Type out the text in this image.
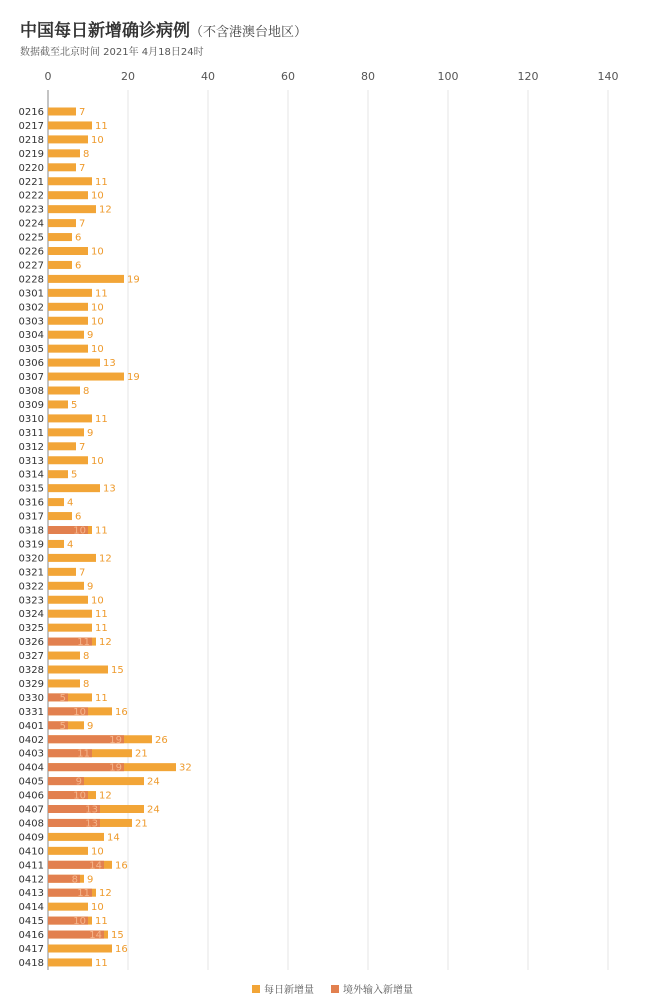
中国每日新增确诊病例（不含港澳台地区）
数据截至北京时间 2021年 4月18日24时
0	20	40	60	80	100	120	140
0216	7
0217	11
0218	10
0219	8
0220	7
0221	11
0222	10
0223	12
0224	7
0225	6
0226	10
0227	6
0228	19
0301	11
0302	10
0303	10
0304	9
0305	10
0306	13
0307	19
0308	8
0309	5
0310	11
0311	9
0312	7
0313	10
0314	5
0315	13
0316 4
0317	6
0318	10 11
0319 4
0320	12
0321	7
0322	9
0323	10
0324	11
0325	11
0326	11 12
0327	8
0328	15
0329	8
0330 5	11
0331	10	16
0401 5 9
0402	19	26
0403	11	21
0404	19	32
0405	9	24
0406	10 12
0407	13	24
0408	13	21
0409	14
0410	10
0411	14 16
0412	8 9
0413	11 12
0414	10
0415	10 11
0416	14 15
0417	16
0418	11
每日新增量	境外输入新增量
